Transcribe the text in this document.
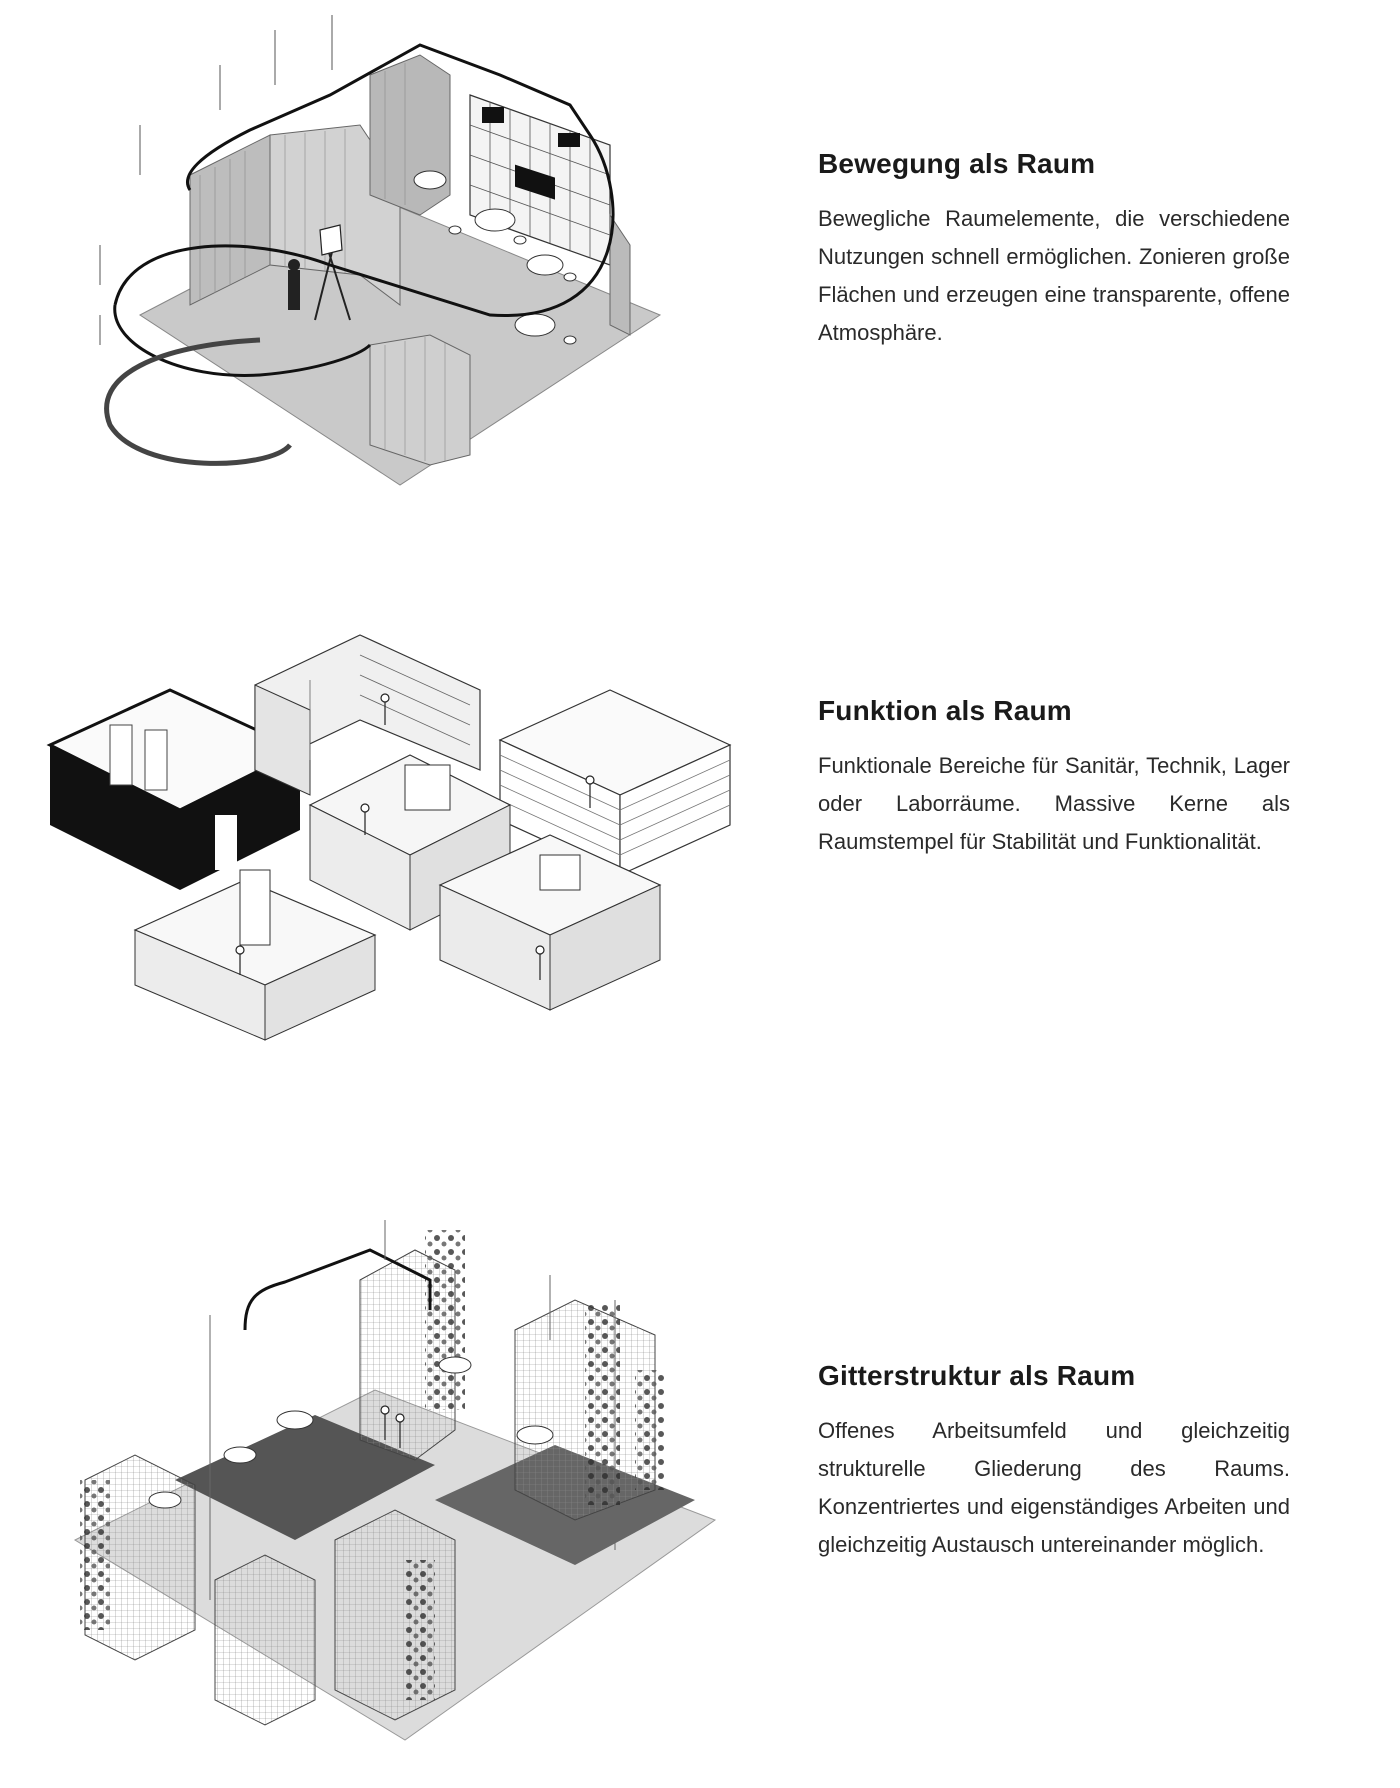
Bewegung als Raum

Bewegliche Raumelemente, die verschiedene Nutzungen schnell ermöglichen. Zonieren große Flächen und erzeugen eine transparente, offene Atmosphäre.

Funktion als Raum

Funktionale Bereiche für Sanitär, Technik, Lager oder Laborräume. Massive Kerne als Raumstempel für Stabilität und Funktionalität.

Gitterstruktur als Raum

Offenes Arbeitsumfeld und gleichzeitig strukturelle Gliederung des Raums. Konzentriertes und eigenständiges Arbeiten und gleichzeitig Austausch untereinander möglich.
